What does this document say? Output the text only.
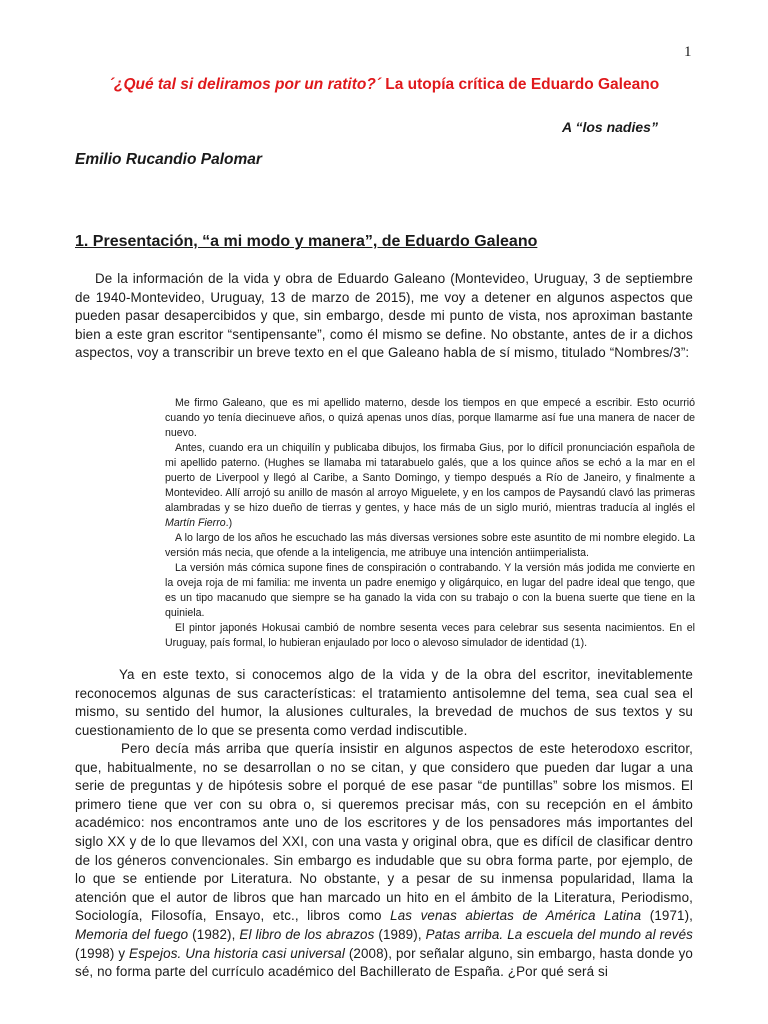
1
´¿Qué tal si deliramos por un ratito?´ La utopía crítica de Eduardo Galeano
A “los nadies”
Emilio Rucandio Palomar
1. Presentación, “a mi modo y manera”, de Eduardo Galeano
De la información de la vida y obra de Eduardo Galeano (Montevideo, Uruguay, 3 de septiembre de 1940-Montevideo, Uruguay, 13 de marzo de 2015), me voy a detener en algunos aspectos que pueden pasar desapercibidos y que, sin embargo, desde mi punto de vista, nos aproximan bastante bien a este gran escritor “sentipensante”, como él mismo se define. No obstante, antes de ir a dichos aspectos, voy a transcribir un breve texto en el que Galeano habla de sí mismo, titulado “Nombres/3”:

Me firmo Galeano, que es mi apellido materno, desde los tiempos en que empecé a escribir. Esto ocurrió cuando yo tenía diecinueve años, o quizá apenas unos días, porque llamarme así fue una manera de nacer de nuevo.

Antes, cuando era un chiquilín y publicaba dibujos, los firmaba Gius, por lo difícil pronunciación española de mi apellido paterno. (Hughes se llamaba mi tatarabuelo galés, que a los quince años se echó a la mar en el puerto de Liverpool y llegó al Caribe, a Santo Domingo, y tiempo después a Río de Janeiro, y finalmente a Montevideo. Allí arrojó su anillo de masón al arroyo Miguelete, y en los campos de Paysandú clavó las primeras alambradas y se hizo dueño de tierras y gentes, y hace más de un siglo murió, mientras traducía al inglés el Martín Fierro.)

A lo largo de los años he escuchado las más diversas versiones sobre este asuntito de mi nombre elegido. La versión más necia, que ofende a la inteligencia, me atribuye una intención antiimperialista.

La versión más cómica supone fines de conspiración o contrabando. Y la versión más jodida me convierte en la oveja roja de mi familia: me inventa un padre enemigo y oligárquico, en lugar del padre ideal que tengo, que es un tipo macanudo que siempre se ha ganado la vida con su trabajo o con la buena suerte que tiene en la quiniela.

El pintor japonés Hokusai cambió de nombre sesenta veces para celebrar sus sesenta nacimientos. En el Uruguay, país formal, lo hubieran enjaulado por loco o alevoso simulador de identidad (1).

Ya en este texto, si conocemos algo de la vida y de la obra del escritor, inevitablemente reconocemos algunas de sus características: el tratamiento antisolemne del tema, sea cual sea el mismo, su sentido del humor, la alusiones culturales, la brevedad de muchos de sus textos y su cuestionamiento de lo que se presenta como verdad indiscutible.

Pero decía más arriba que quería insistir en algunos aspectos de este heterodoxo escritor, que, habitualmente, no se desarrollan o no se citan, y que considero que pueden dar lugar a una serie de preguntas y de hipótesis sobre el porqué de ese pasar “de puntillas” sobre los mismos. El primero tiene que ver con su obra o, si queremos precisar más, con su recepción en el ámbito académico: nos encontramos ante uno de los escritores y de los pensadores más importantes del siglo XX y de lo que llevamos del XXI, con una vasta y original obra, que es difícil de clasificar dentro de los géneros convencionales. Sin embargo es indudable que su obra forma parte, por ejemplo, de lo que se entiende por Literatura. No obstante, y a pesar de su inmensa popularidad, llama la atención que el autor de libros que han marcado un hito en el ámbito de la Literatura, Periodismo, Sociología, Filosofía, Ensayo, etc., libros como Las venas abiertas de América Latina (1971), Memoria del fuego (1982), El libro de los abrazos (1989), Patas arriba. La escuela del mundo al revés (1998) y Espejos. Una historia casi universal (2008), por señalar alguno, sin embargo, hasta donde yo sé, no forma parte del currículo académico del Bachillerato de España. ¿Por qué será si
